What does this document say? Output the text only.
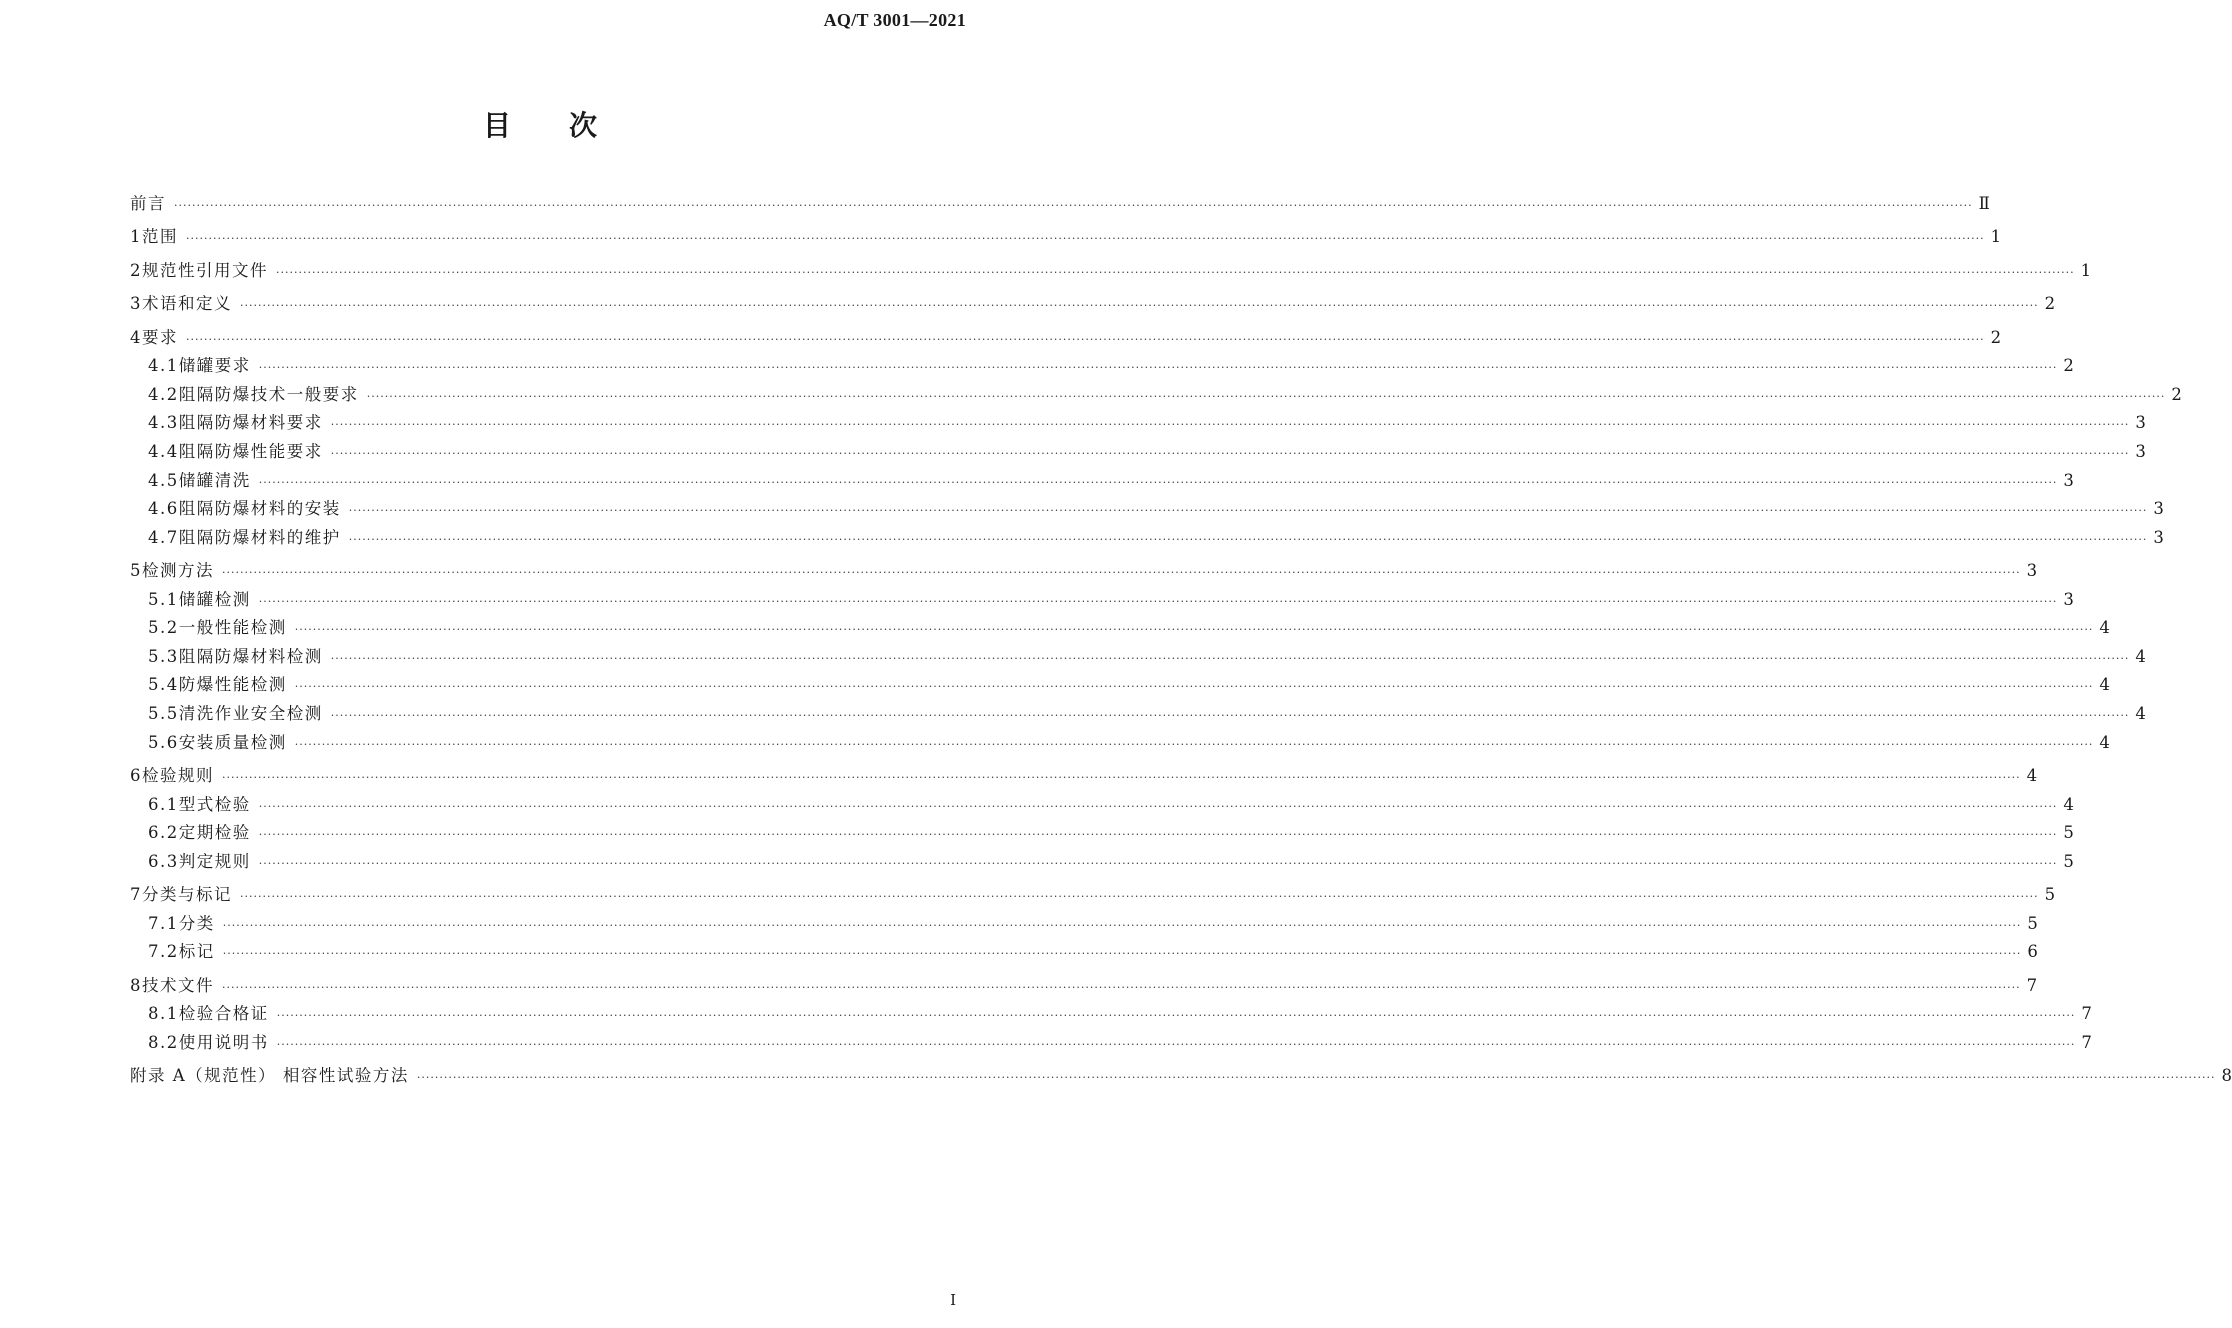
AQ/T 3001—2021
目 次
前言 ················································································································································································································································································································································································································ Ⅱ
1 范围 ················································································································································································································································································································································································································ 1
2 规范性引用文件 ················································································································································································································································································································································································································ 1
3 术语和定义 ················································································································································································································································································································································································································ 2
4 要求 ················································································································································································································································································································································································································ 2
4.1 储罐要求 ················································································································································································································································································································································································································ 2
4.2 阻隔防爆技术一般要求 ················································································································································································································································································································································································································ 2
4.3 阻隔防爆材料要求 ················································································································································································································································································································································································································ 3
4.4 阻隔防爆性能要求 ················································································································································································································································································································································································································ 3
4.5 储罐清洗 ················································································································································································································································································································································································································ 3
4.6 阻隔防爆材料的安装 ················································································································································································································································································································································································································ 3
4.7 阻隔防爆材料的维护 ················································································································································································································································································································································································································ 3
5 检测方法 ················································································································································································································································································································································································································ 3
5.1 储罐检测 ················································································································································································································································································································································································································ 3
5.2 一般性能检测 ················································································································································································································································································································································································································ 4
5.3 阻隔防爆材料检测 ················································································································································································································································································································································································································ 4
5.4 防爆性能检测 ················································································································································································································································································································································································································ 4
5.5 清洗作业安全检测 ················································································································································································································································································································································································································ 4
5.6 安装质量检测 ················································································································································································································································································································································································································ 4
6 检验规则 ················································································································································································································································································································································································································ 4
6.1 型式检验 ················································································································································································································································································································································································································ 4
6.2 定期检验 ················································································································································································································································································································································································································ 5
6.3 判定规则 ················································································································································································································································································································································································································ 5
7 分类与标记 ················································································································································································································································································································································································································ 5
7.1 分类 ················································································································································································································································································································································································································ 5
7.2 标记 ················································································································································································································································································································································································································ 6
8 技术文件 ················································································································································································································································································································································································································ 7
8.1 检验合格证 ················································································································································································································································································································································································································ 7
8.2 使用说明书 ················································································································································································································································································································································································································ 7
附录 A（规范性） 相容性试验方法 ················································································································································································································································································································································································································ 8
Ⅰ
